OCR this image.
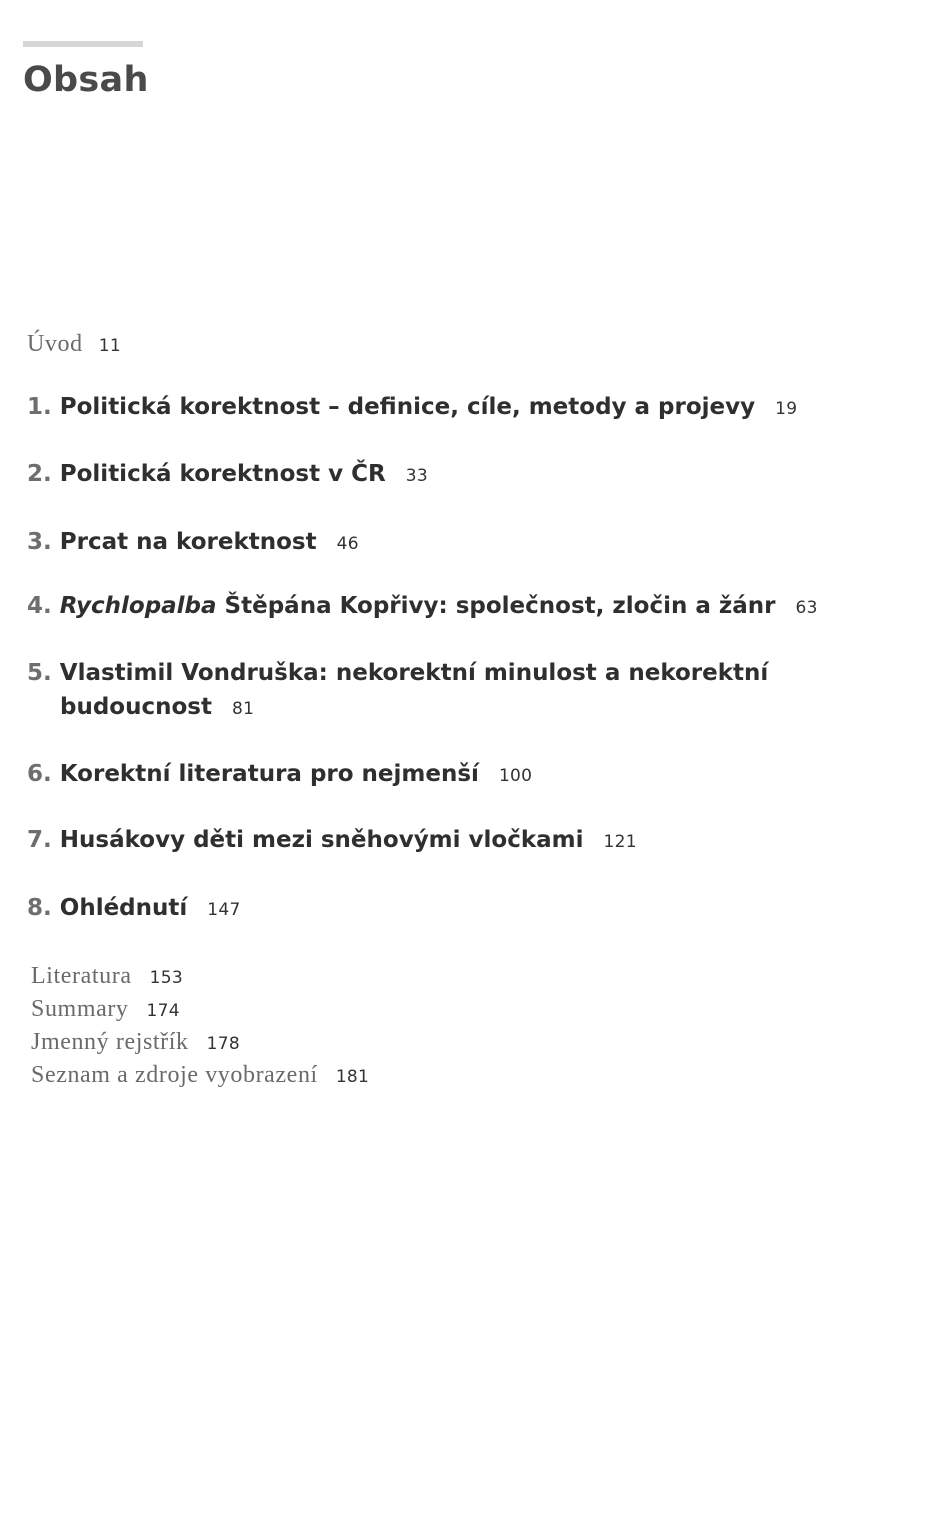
Obsah
Úvod 11
1. Politická korektnost – definice, cíle, metody a projevy 19
2. Politická korektnost v ČR 33
3. Prcat na korektnost 46
4. Rychlopalba Štěpána Kopřivy: společnost, zločin a žánr 63
5. Vlastimil Vondruška: nekorektní minulost a nekorektní
budoucnost 81
6. Korektní literatura pro nejmenší 100
7. Husákovy děti mezi sněhovými vločkami 121
8. Ohlédnutí 147
Literatura 153
Summary 174
Jmenný rejstřík 178
Seznam a zdroje vyobrazení 181
